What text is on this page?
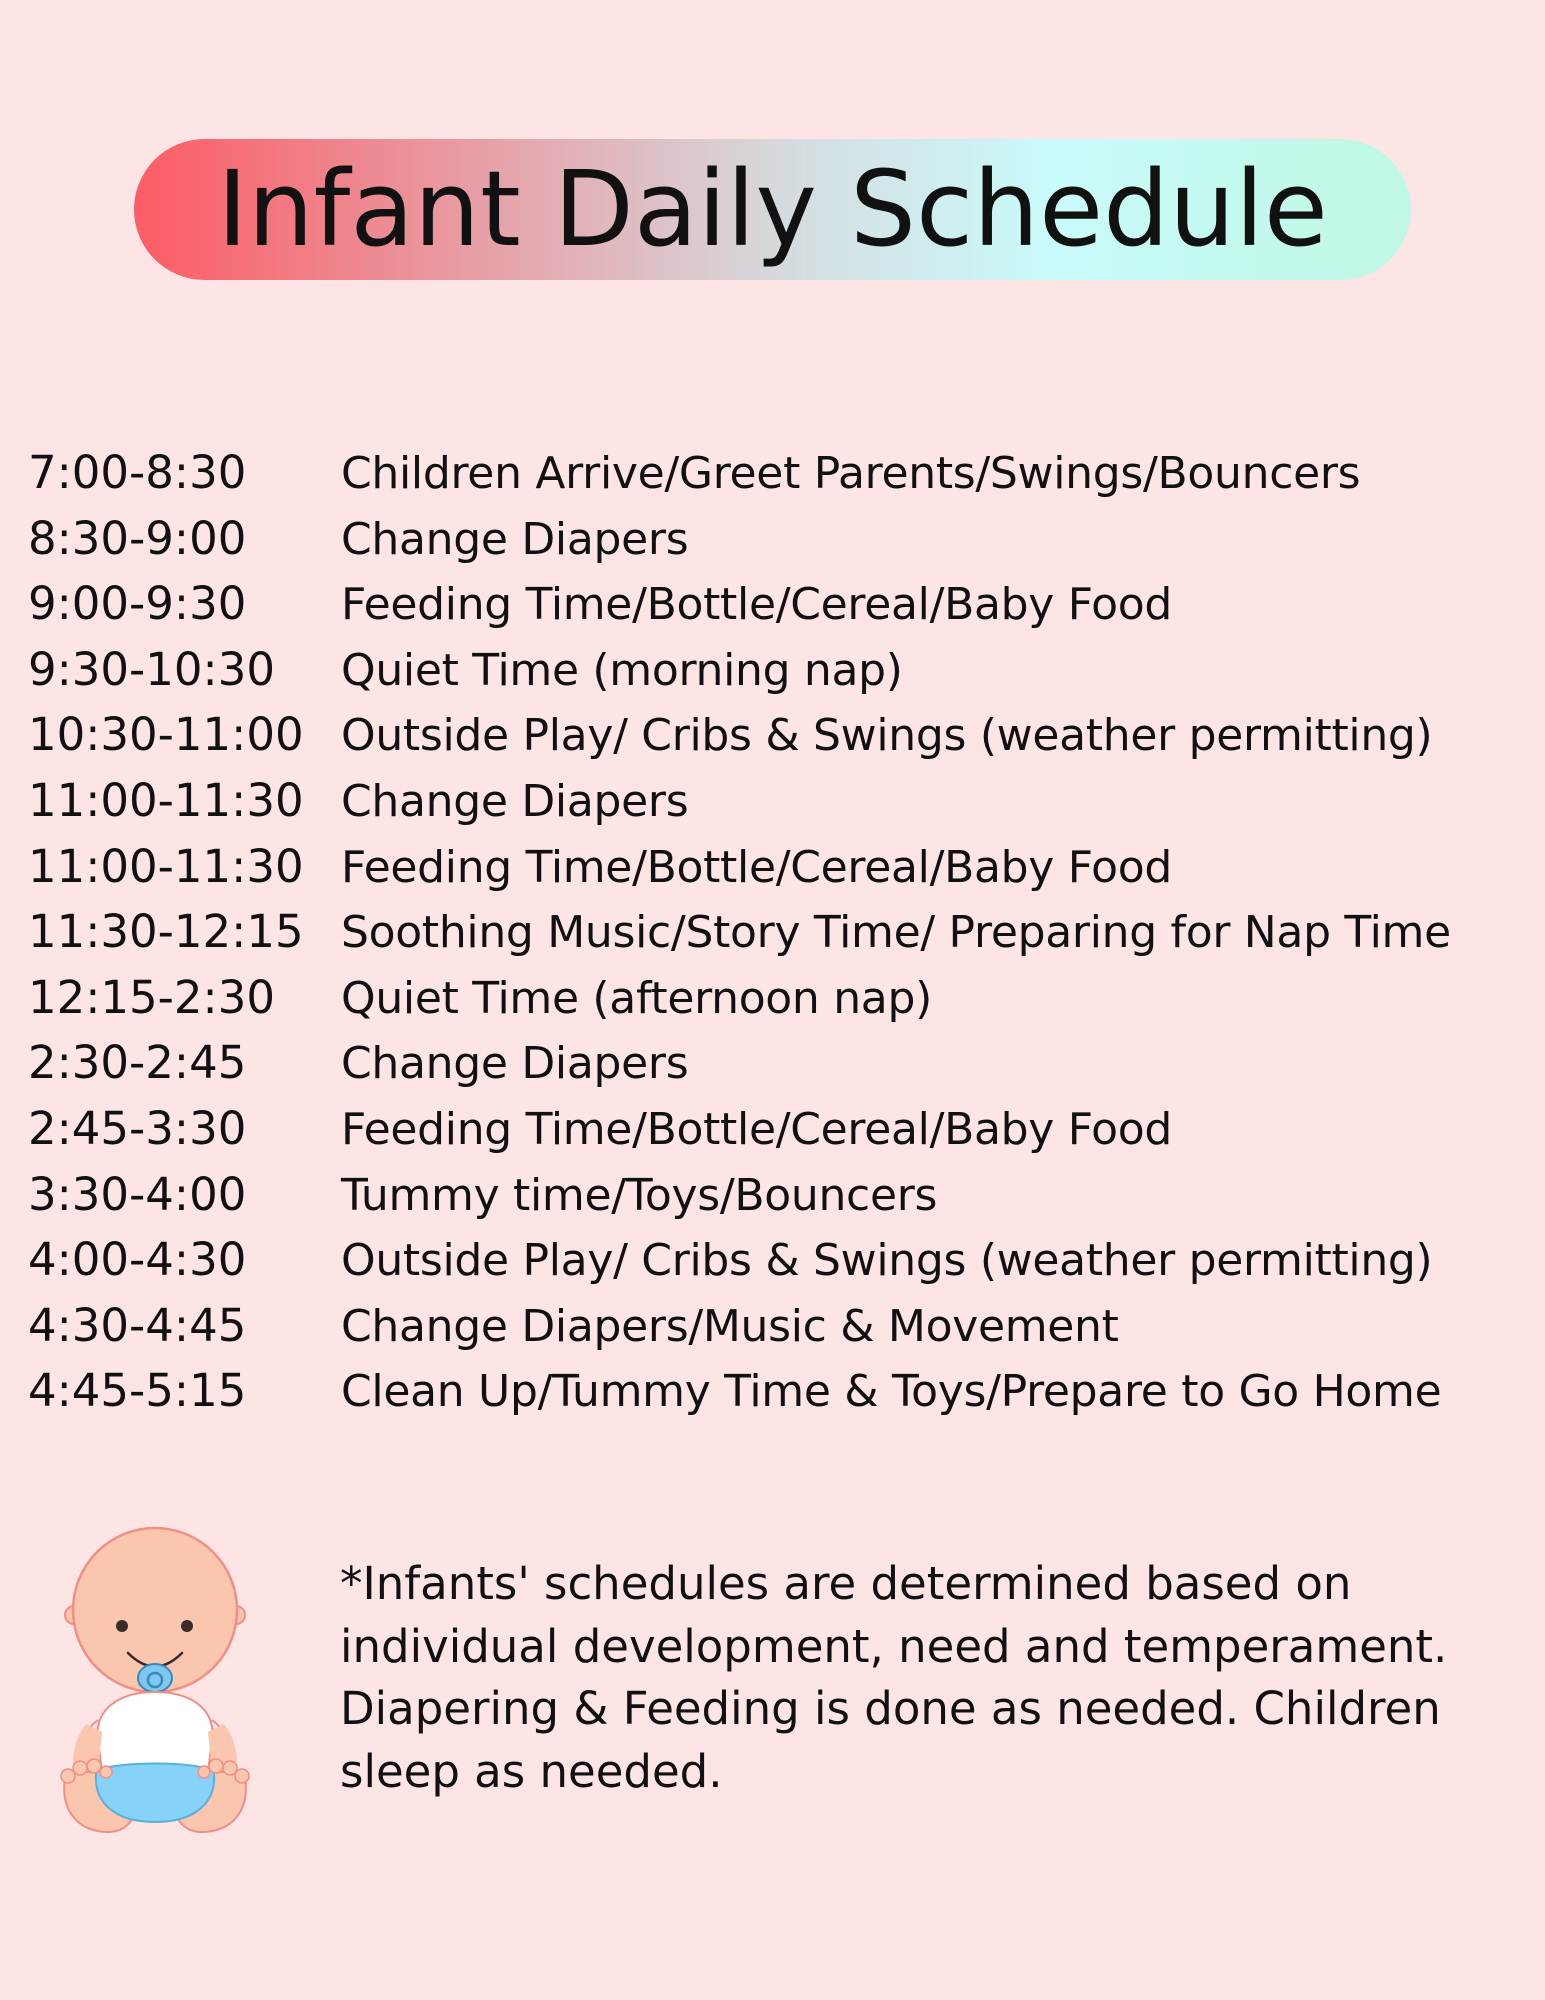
Infant Daily Schedule
7:00-8:30	Children Arrive/Greet Parents/Swings/Bouncers
8:30-9:00	Change Diapers
9:00-9:30	Feeding Time/Bottle/Cereal/Baby Food
9:30-10:30	Quiet Time (morning nap)
10:30-11:00 Outside Play/ Cribs & Swings (weather permitting)
11:00-11:30 Change Diapers
11:00-11:30 Feeding Time/Bottle/Cereal/Baby Food
11:30-12:15 Soothing Music/Story Time/ Preparing for Nap Time
12:15-2:30	Quiet Time (afternoon nap)
2:30-2:45	Change Diapers
2:45-3:30	Feeding Time/Bottle/Cereal/Baby Food
3:30-4:00	Tummy time/Toys/Bouncers
4:00-4:30	Outside Play/ Cribs & Swings (weather permitting)
4:30-4:45	Change Diapers/Music & Movement
4:45-5:15	Clean Up/Tummy Time & Toys/Prepare to Go Home
*Infants' schedules are determined based on
individual development, need and temperament.
Diapering & Feeding is done as needed. Children
sleep as needed.
